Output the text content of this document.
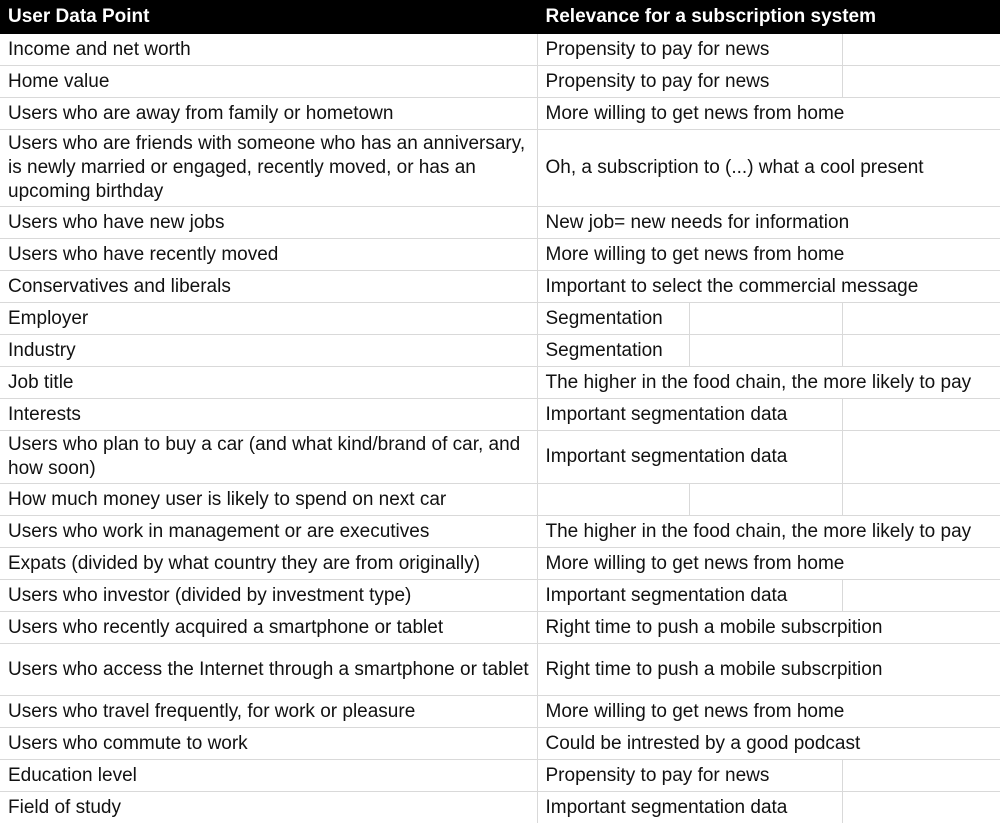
User Data Point	Relevance for a subscription system		
Income and net worth	Propensity to pay for news		
Home value	Propensity to pay for news		
Users who are away from family or hometown	More willing to get news from home		
Users who are friends with someone who has an anniversary, is newly married or engaged, recently moved, or has an upcoming birthday	Oh, a subscription to (...) what a cool present		
Users who have new jobs	New job= new needs for information		
Users who have recently moved	More willing to get news from home		
Conservatives and liberals	Important to select the commercial message		
Employer	Segmentation		
Industry	Segmentation		
Job title	The higher in the food chain, the more likely to pay		
Interests	Important segmentation data		
Users who plan to buy a car (and what kind/brand of car, and how soon)	Important segmentation data		
How much money user is likely to spend on next car			
Users who work in management or are executives	The higher in the food chain, the more likely to pay		
Expats (divided by what country they are from originally)	More willing to get news from home		
Users who investor (divided by investment type)	Important segmentation data		
Users who recently acquired a smartphone or tablet	Right time to push a mobile subscrpition		
Users who access the Internet through a smartphone or tablet	Right time to push a mobile subscrpition		
Users who travel frequently, for work or pleasure	More willing to get news from home		
Users who commute to work	Could be intrested by a good podcast		
Education level	Propensity to pay for news		
Field of study	Important segmentation data		
